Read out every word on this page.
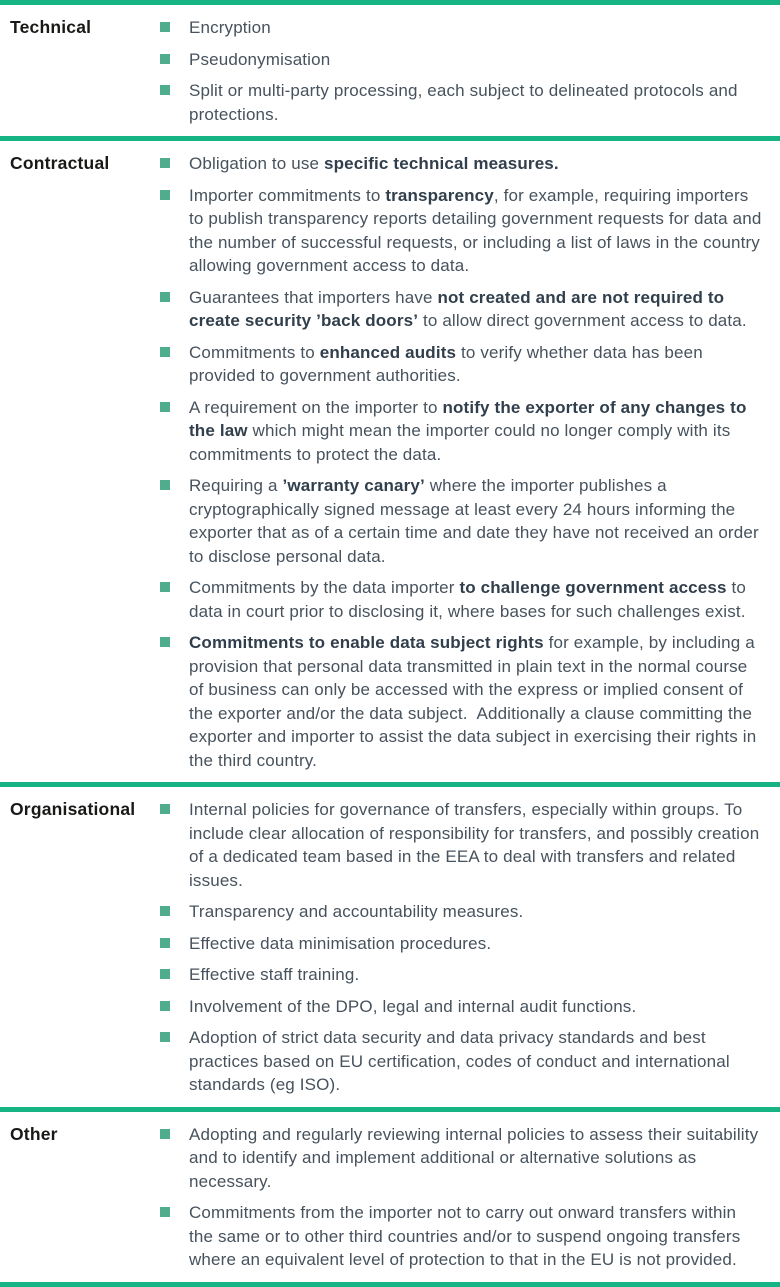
Technical	Encryption
Pseudonymisation
Split or multi-party processing, each subject to delineated protocols and protections.
Contractual	Obligation to use specific technical measures.
Importer commitments to transparency, for example, requiring importers to publish transparency reports detailing government requests for data and the number of successful requests, or including a list of laws in the country allowing government access to data.
Guarantees that importers have not created and are not required to create security ’back doors’ to allow direct government access to data.
Commitments to enhanced audits to verify whether data has been provided to government authorities.
A requirement on the importer to notify the exporter of any changes to the law which might mean the importer could no longer comply with its commitments to protect the data.
Requiring a ’warranty canary’ where the importer publishes a cryptographically signed message at least every 24 hours informing the exporter that as of a certain time and date they have not received an order to disclose personal data.
Commitments by the data importer to challenge government access to data in court prior to disclosing it, where bases for such challenges exist.
Commitments to enable data subject rights for example, by including a provision that personal data transmitted in plain text in the normal course of business can only be accessed with the express or implied consent of the exporter and/or the data subject.  Additionally a clause committing the exporter and importer to assist the data subject in exercising their rights in the third country.
Organisational	Internal policies for governance of transfers, especially within groups. To include clear allocation of responsibility for transfers, and possibly creation of a dedicated team based in the EEA to deal with transfers and related issues.
Transparency and accountability measures.
Effective data minimisation procedures.
Effective staff training.
Involvement of the DPO, legal and internal audit functions.
Adoption of strict data security and data privacy standards and best practices based on EU certification, codes of conduct and international standards (eg ISO).
Other	Adopting and regularly reviewing internal policies to assess their suitability and to identify and implement additional or alternative solutions as necessary.
Commitments from the importer not to carry out onward transfers within the same or to other third countries and/or to suspend ongoing transfers where an equivalent level of protection to that in the EU is not provided.
